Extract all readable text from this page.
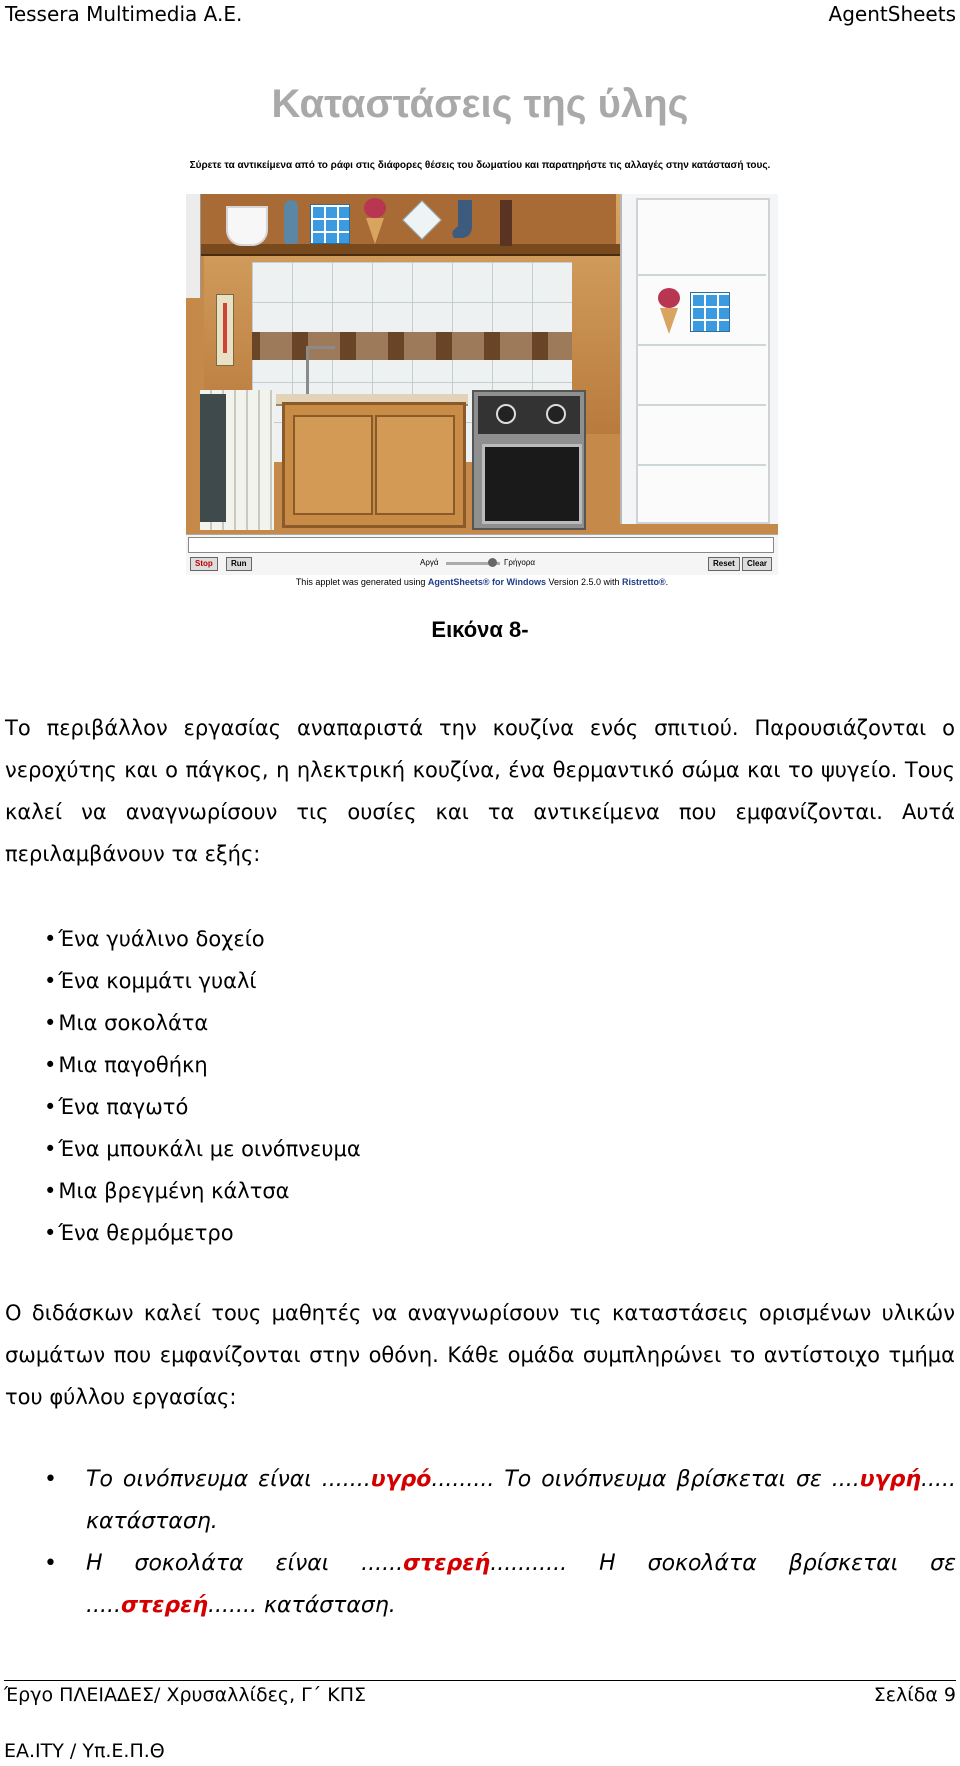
Tessera Multimedia A.E.	AgentSheets
Καταστάσεις της ύλης
Σύρετε τα αντικείμενα από το ράφι στις διάφορες θέσεις του δωματίου και παρατηρήστε τις αλλαγές στην κατάστασή τους.
Stop	Run	Αργά	Γρήγορα	Reset	Clear
This applet was generated using AgentSheets® for Windows Version 2.5.0 with Ristretto®.
Εικόνα 8-
Το περιβάλλον εργασίας αναπαριστά την κουζίνα ενός σπιτιού. Παρουσιάζονται ο νεροχύτης και ο πάγκος, η ηλεκτρική κουζίνα, ένα θερμαντικό σώμα και το ψυγείο. Τους καλεί να αναγνωρίσουν τις ουσίες και τα αντικείμενα που εμφανίζονται. Αυτά περιλαμβάνουν τα εξής:
•Ένα γυάλινο δοχείο
•Ένα κομμάτι γυαλί
•Μια σοκολάτα
•Μια παγοθήκη
•Ένα παγωτό
•Ένα μπουκάλι με οινόπνευμα
•Μια βρεγμένη κάλτσα
•Ένα θερμόμετρο
Ο διδάσκων καλεί τους μαθητές να αναγνωρίσουν τις καταστάσεις ορισμένων υλικών σωμάτων που εμφανίζονται στην οθόνη. Κάθε ομάδα συμπληρώνει το αντίστοιχο τμήμα του φύλλου εργασίας:
• Το οινόπνευμα είναι .......υγρό......... Το οινόπνευμα βρίσκεται σε ....υγρή..... κατάσταση.
• Η σοκολάτα είναι ......στερεή........... Η σοκολάτα βρίσκεται σε .....στερεή....... κατάσταση.
Έργο ΠΛΕΙΑΔΕΣ/ Χρυσαλλίδες, Γ΄ ΚΠΣ	Σελίδα 9
ΕΑ.ΙΤΥ / Υπ.Ε.Π.Θ
